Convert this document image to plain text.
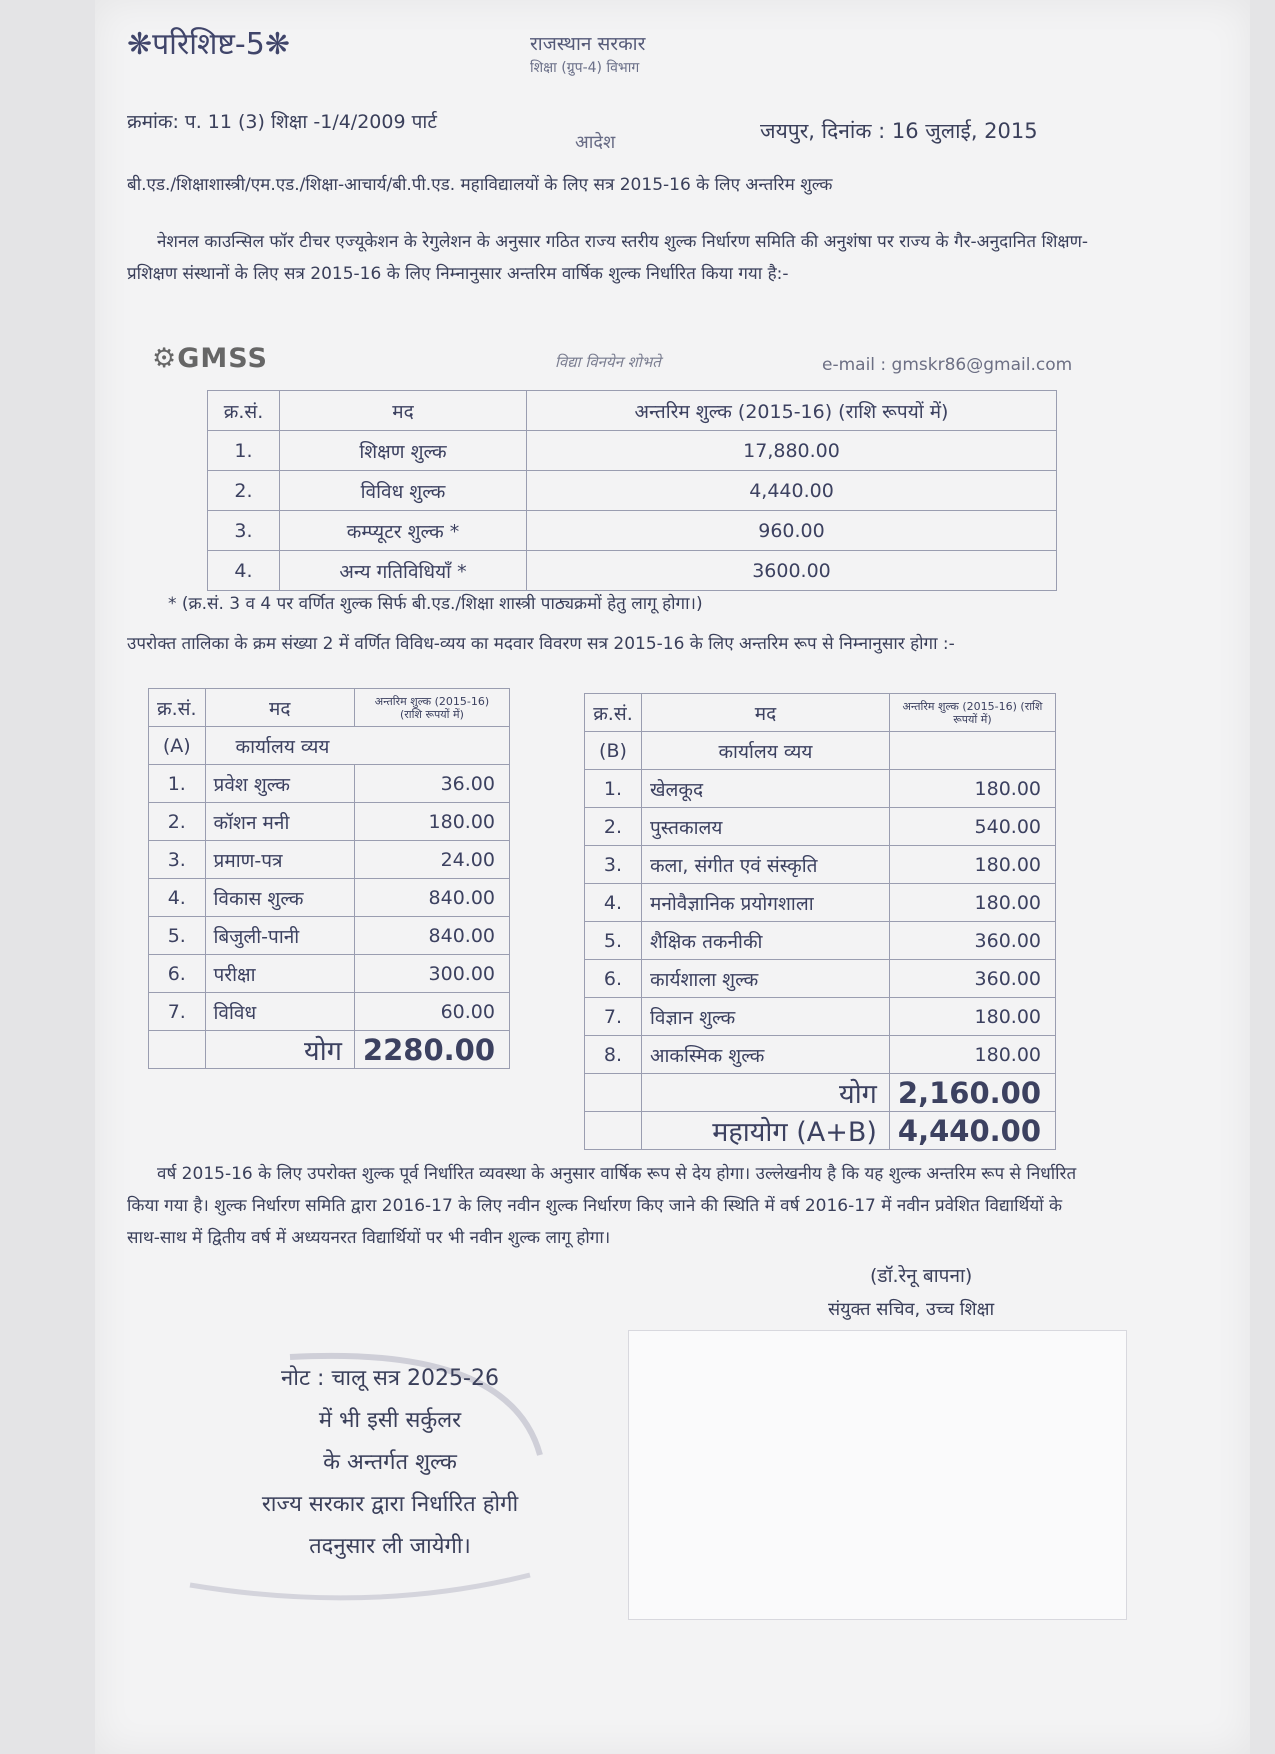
❋परिशिष्ट-5❋	राजस्थान सरकार
शिक्षा (ग्रुप-4) विभाग
क्रमांक: प. 11 (3) शिक्षा -1/4/2009 पार्ट
आदेश	जयपुर, दिनांक : 16 जुलाई, 2015
बी.एड./शिक्षाशास्त्री/एम.एड./शिक्षा-आचार्य/बी.पी.एड. महाविद्यालयों के लिए सत्र 2015-16 के लिए अन्तरिम शुल्क
नेशनल काउन्सिल फॉर टीचर एज्यूकेशन के रेगुलेशन के अनुसार गठित राज्य स्तरीय शुल्क निर्धारण समिति की अनुशंषा पर राज्य के गैर-अनुदानित शिक्षण-प्रशिक्षण संस्थानों के लिए सत्र 2015-16 के लिए निम्नानुसार अन्तरिम वार्षिक शुल्क निर्धारित किया गया है:-
⚙GMSS	विद्या विनयेन शोभते	e-mail : gmskr86@gmail.com
क्र.सं.	मद	अन्तरिम शुल्क (2015-16) (राशि रूपयों में)
1.	शिक्षण शुल्क	17,880.00
2.	विविध शुल्क	4,440.00
3.	कम्प्यूटर शुल्क *	960.00
4.	अन्य गतिविधियाँ *	3600.00
* (क्र.सं. 3 व 4 पर वर्णित शुल्क सिर्फ बी.एड./शिक्षा शास्त्री पाठ्यक्रमों हेतु लागू होगा।)
उपरोक्त तालिका के क्रम संख्या 2 में वर्णित विविध-व्यय का मदवार विवरण सत्र 2015-16 के लिए अन्तरिम रूप से निम्नानुसार होगा :-
क्र.सं.	मद	अन्तरिम शुल्क (2015-16) (राशि रूपयों में)
(A)	कार्यालय व्यय	
1.	प्रवेश शुल्क	36.00
2.	कॉशन मनी	180.00
3.	प्रमाण-पत्र	24.00
4.	विकास शुल्क	840.00
5.	बिजुली-पानी	840.00
6.	परीक्षा	300.00
7.	विविध	60.00
	योग	2280.00
क्र.सं.	मद	अन्तरिम शुल्क (2015-16) (राशि रूपयों में)
(B)	कार्यालय व्यय	
1.	खेलकूद	180.00
2.	पुस्तकालय	540.00
3.	कला, संगीत एवं संस्कृति	180.00
4.	मनोवैज्ञानिक प्रयोगशाला	180.00
5.	शैक्षिक तकनीकी	360.00
6.	कार्यशाला शुल्क	360.00
7.	विज्ञान शुल्क	180.00
8.	आकस्मिक शुल्क	180.00
	योग	2,160.00
	महायोग (A+B)	4,440.00
वर्ष 2015-16 के लिए उपरोक्त शुल्क पूर्व निर्धारित व्यवस्था के अनुसार वार्षिक रूप से देय होगा। उल्लेखनीय है कि यह शुल्क अन्तरिम रूप से निर्धारित किया गया है। शुल्क निर्धारण समिति द्वारा 2016-17 के लिए नवीन शुल्क निर्धारण किए जाने की स्थिति में वर्ष 2016-17 में नवीन प्रवेशित विद्यार्थियों के साथ-साथ में द्वितीय वर्ष में अध्ययनरत विद्यार्थियों पर भी नवीन शुल्क लागू होगा।
(डॉ.रेनू बापना)
संयुक्त सचिव, उच्च शिक्षा
नोट : चालू सत्र 2025-26
में भी इसी सर्कुलर
के अन्तर्गत शुल्क
राज्य सरकार द्वारा निर्धारित होगी
तदनुसार ली जायेगी।
